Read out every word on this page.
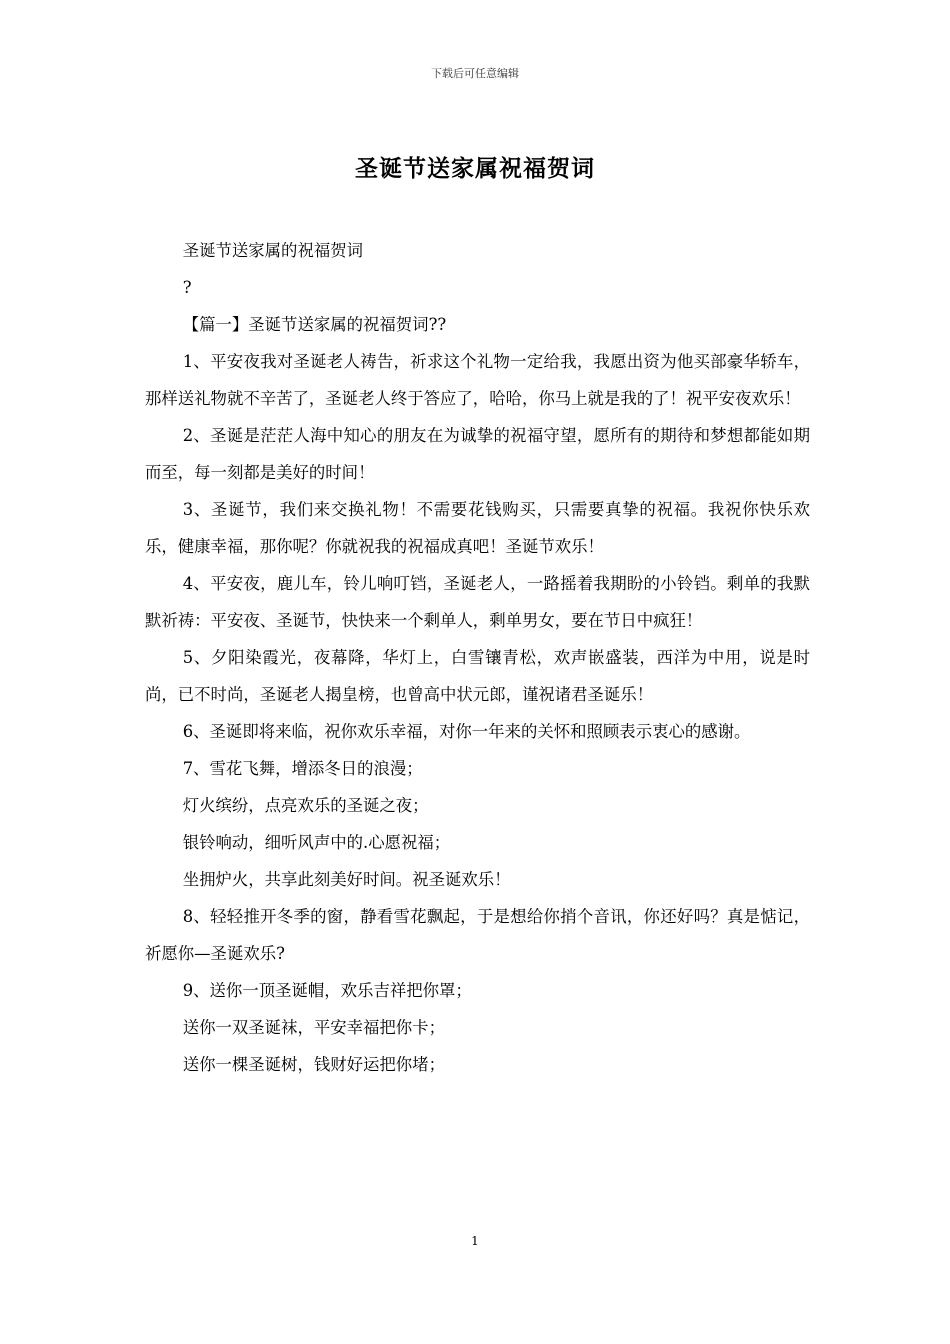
下载后可任意编辑
圣诞节送家属祝福贺词

圣诞节送家属的祝福贺词

?

【篇一】圣诞节送家属的祝福贺词??

1、平安夜我对圣诞老人祷告，祈求这个礼物一定给我，我愿出资为他买部豪华轿车，那样送礼物就不辛苦了，圣诞老人终于答应了，哈哈，你马上就是我的了！祝平安夜欢乐！

2、圣诞是茫茫人海中知心的朋友在为诚挚的祝福守望，愿所有的期待和梦想都能如期而至，每一刻都是美好的时间！

3、圣诞节，我们来交换礼物！不需要花钱购买，只需要真挚的祝福。我祝你快乐欢乐，健康幸福，那你呢？你就祝我的祝福成真吧！圣诞节欢乐！

4、平安夜，鹿儿车，铃儿响叮铛，圣诞老人，一路摇着我期盼的小铃铛。剩单的我默默祈祷：平安夜、圣诞节，快快来一个剩单人，剩单男女，要在节日中疯狂！

5、夕阳染霞光，夜幕降，华灯上，白雪镶青松，欢声嵌盛装，西洋为中用，说是时尚，已不时尚，圣诞老人揭皇榜，也曾高中状元郎，谨祝诸君圣诞乐！

6、圣诞即将来临，祝你欢乐幸福，对你一年来的关怀和照顾表示衷心的感谢。

7、雪花飞舞，增添冬日的浪漫；

灯火缤纷，点亮欢乐的圣诞之夜；

银铃响动，细听风声中的.心愿祝福；

坐拥炉火，共享此刻美好时间。祝圣诞欢乐！

8、轻轻推开冬季的窗，静看雪花飘起，于是想给你捎个音讯，你还好吗？真是惦记，祈愿你—圣诞欢乐?

9、送你一顶圣诞帽，欢乐吉祥把你罩；

送你一双圣诞袜，平安幸福把你卡；

送你一棵圣诞树，钱财好运把你堵；

1
